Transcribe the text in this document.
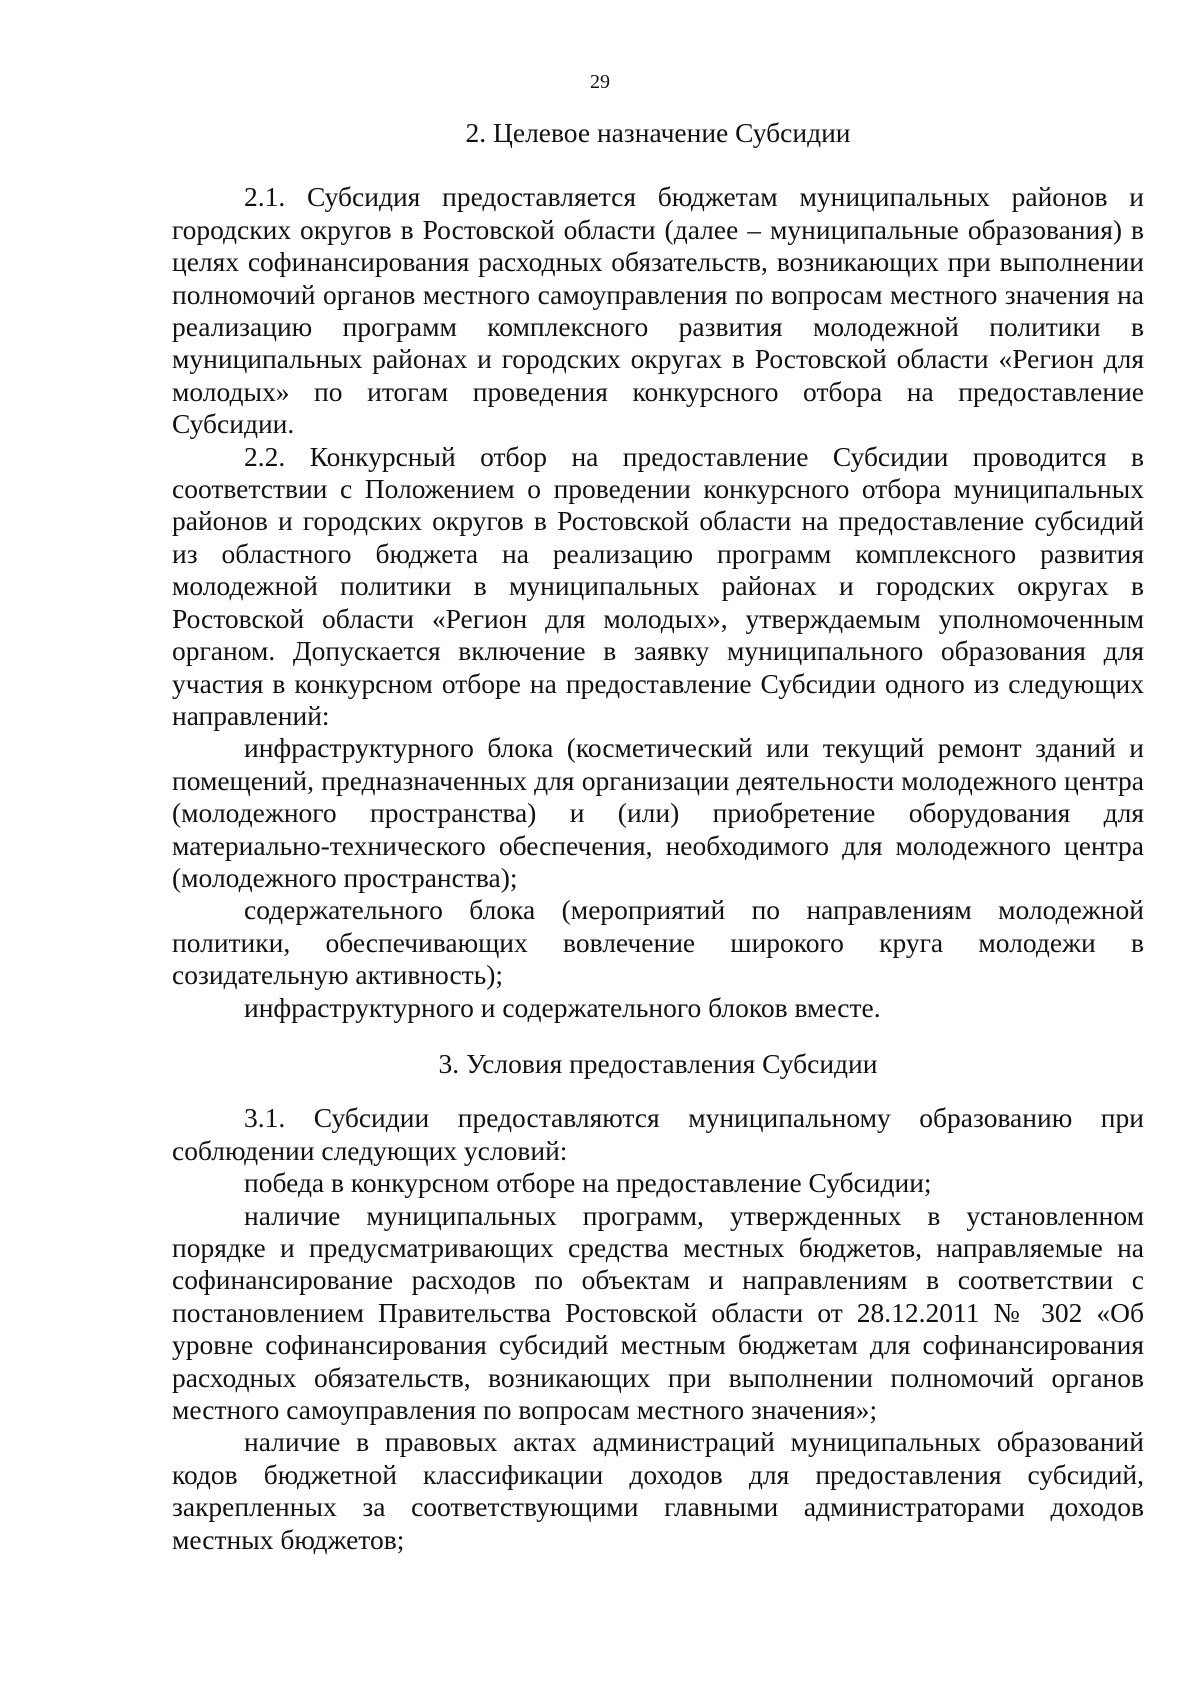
29
2. Целевое назначение Субсидии

2.1. Субсидия предоставляется бюджетам муниципальных районов и городских округов в Ростовской области (далее – муниципальные образования) в целях софинансирования расходных обязательств, возникающих при выполнении полномочий органов местного самоуправления по вопросам местного значения на реализацию программ комплексного развития молодежной политики в муниципальных районах и городских округах в Ростовской области «Регион для молодых» по итогам проведения конкурсного отбора на предоставление Субсидии.

2.2. Конкурсный отбор на предоставление Субсидии проводится в соответствии с Положением о проведении конкурсного отбора муниципальных районов и городских округов в Ростовской области на предоставление субсидий из областного бюджета на реализацию программ комплексного развития молодежной политики в муниципальных районах и городских округах в Ростовской области «Регион для молодых», утверждаемым уполномоченным органом. Допускается включение в заявку муниципального образования для участия в конкурсном отборе на предоставление Субсидии одного из следующих направлений:

инфраструктурного блока (косметический или текущий ремонт зданий и помещений, предназначенных для организации деятельности молодежного центра (молодежного пространства) и (или) приобретение оборудования для материально-технического обеспечения, необходимого для молодежного центра (молодежного пространства);

содержательного блока (мероприятий по направлениям молодежной политики, обеспечивающих вовлечение широкого круга молодежи в созидательную активность);

инфраструктурного и содержательного блоков вместе.

3. Условия предоставления Субсидии

3.1. Субсидии предоставляются муниципальному образованию при соблюдении следующих условий:

победа в конкурсном отборе на предоставление Субсидии;

наличие муниципальных программ, утвержденных в установленном порядке и предусматривающих средства местных бюджетов, направляемые на софинансирование расходов по объектам и направлениям в соответствии с постановлением Правительства Ростовской области от 28.12.2011 № 302 «Об уровне софинансирования субсидий местным бюджетам для софинансирования расходных обязательств, возникающих при выполнении полномочий органов местного самоуправления по вопросам местного значения»;

наличие в правовых актах администраций муниципальных образований кодов бюджетной классификации доходов для предоставления субсидий, закрепленных за соответствующими главными администраторами доходов местных бюджетов;
